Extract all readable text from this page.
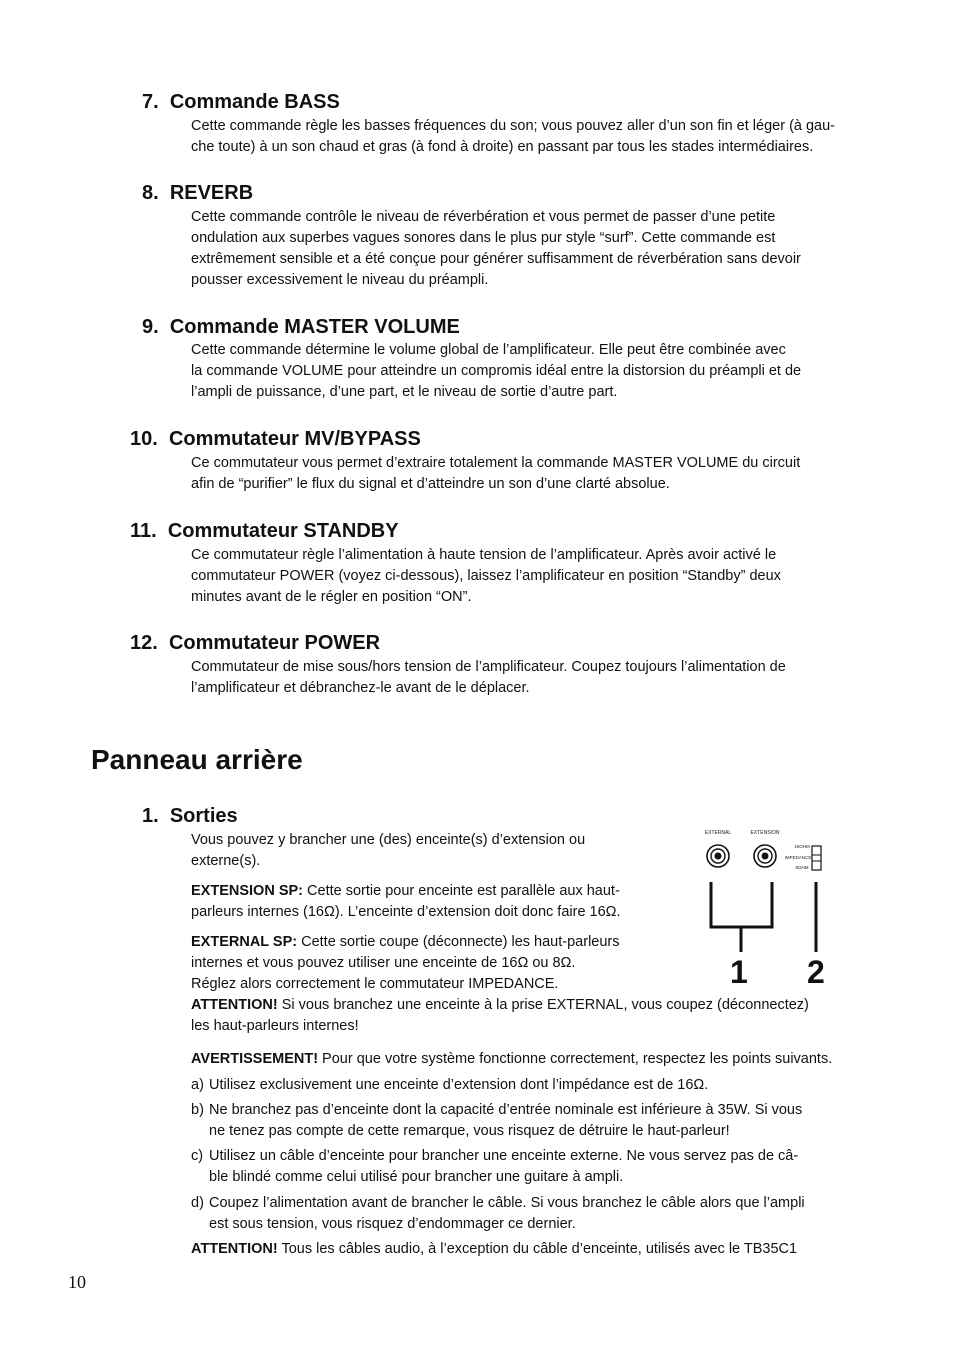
7. Commande BASS
Cette commande règle les basses fréquences du son; vous pouvez aller d’un son fin et léger (à gau-
che toute) à un son chaud et gras (à fond à droite) en passant par tous les stades intermédiaires.
8. REVERB
Cette commande contrôle le niveau de réverbération et vous permet de passer d’une petite
ondulation aux superbes vagues sonores dans le plus pur style “surf”. Cette commande est
extrêmement sensible et a été conçue pour générer suffisamment de réverbération sans devoir
pousser excessivement le niveau du préampli.
9. Commande MASTER VOLUME
Cette commande détermine le volume global de l’amplificateur. Elle peut être combinée avec
la commande VOLUME pour atteindre un compromis idéal entre la distorsion du préampli et de
l’ampli de puissance, d’une part, et le niveau de sortie d’autre part.
10. Commutateur MV/BYPASS
Ce commutateur vous permet d’extraire totalement la commande MASTER VOLUME du circuit
afin de “purifier” le flux du signal et d’atteindre un son d’une clarté absolue.
11. Commutateur STANDBY
Ce commutateur règle l’alimentation à haute tension de l’amplificateur. Après avoir activé le
commutateur POWER (voyez ci-dessous), laissez l’amplificateur en position “Standby” deux
minutes avant de le régler en position “ON”.
12. Commutateur POWER
Commutateur de mise sous/hors tension de l’amplificateur. Coupez toujours l’alimentation de
l’amplificateur et débranchez-le avant de le déplacer.
Panneau arrière
1. Sorties
Vous pouvez y brancher une (des) enceinte(s) d’extension ou
externe(s).
EXTENSION SP: Cette sortie pour enceinte est parallèle aux haut-
parleurs internes (16Ω). L’enceinte d’extension doit donc faire 16Ω.
EXTERNAL SP: Cette sortie coupe (déconnecte) les haut-parleurs
internes et vous pouvez utiliser une enceinte de 16Ω ou 8Ω.
Réglez alors correctement le commutateur IMPEDANCE.
ATTENTION! Si vous branchez une enceinte à la prise EXTERNAL, vous coupez (déconnectez)
les haut-parleurs internes!
AVERTISSEMENT! Pour que votre système fonctionne correctement, respectez les points suivants.
a) Utilisez exclusivement une enceinte d’extension dont l’impédance est de 16Ω.
b) Ne branchez pas d’enceinte dont la capacité d’entrée nominale est inférieure à 35W. Si vous
ne tenez pas compte de cette remarque, vous risquez de détruire le haut-parleur!
c) Utilisez un câble d’enceinte pour brancher une enceinte externe. Ne vous servez pas de câ-
ble blindé comme celui utilisé pour brancher une guitare à ampli.
d) Coupez l’alimentation avant de brancher le câble. Si vous branchez le câble alors que l’ampli
est sous tension, vous risquez d’endommager ce dernier.
ATTENTION! Tous les câbles audio, à l’exception du câble d’enceinte, utilisés avec le TB35C1
EXTERNAL	EXTENSION
16OHM
IMPEDANCE
8OHM
1 2
10
